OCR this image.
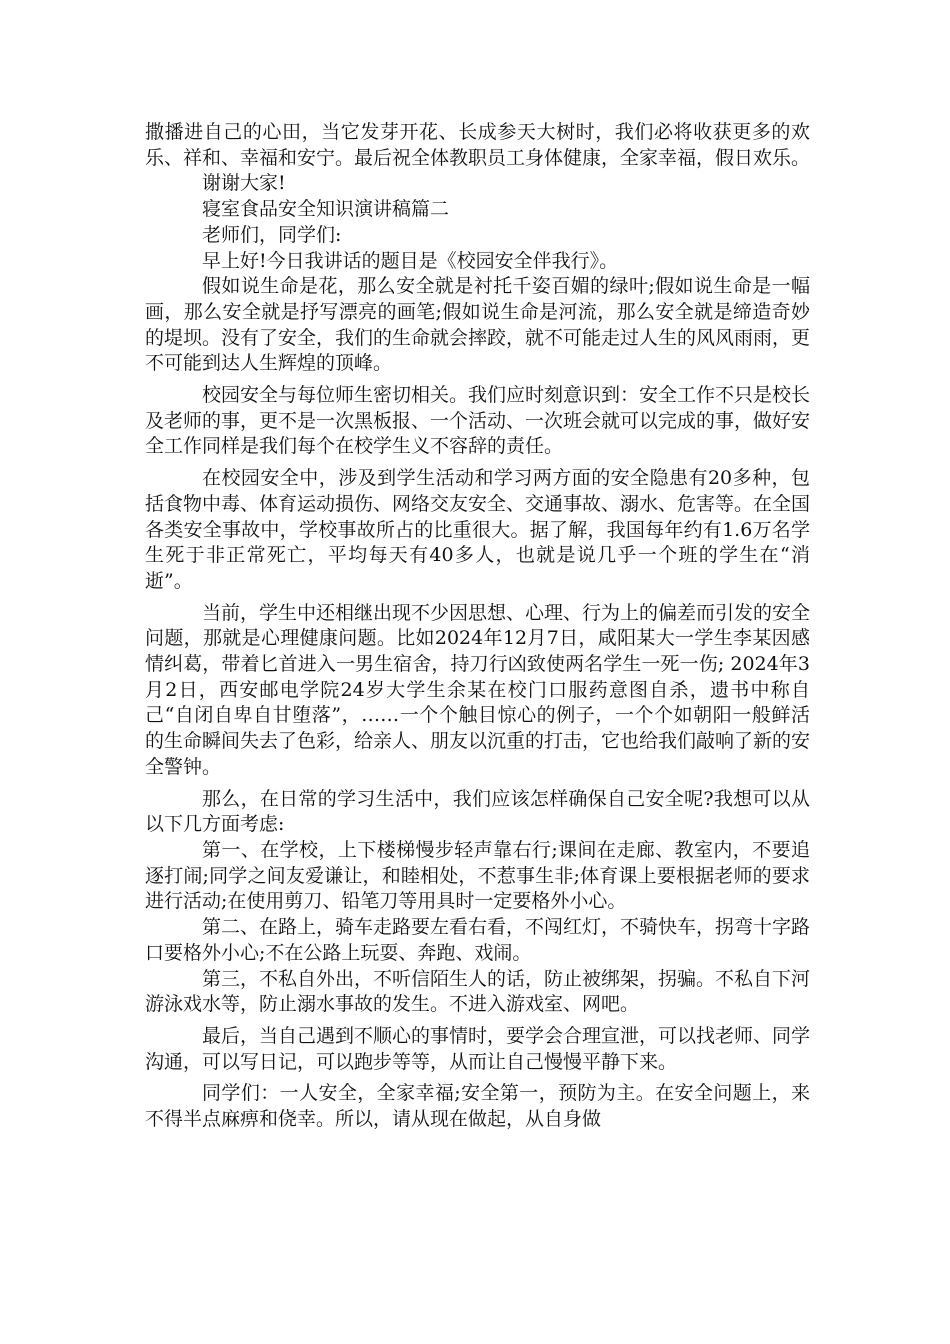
撒播进自己的心田，当它发芽开花、长成参天大树时，我们必将收获更多的欢乐、祥和、幸福和安宁。最后祝全体教职员工身体健康，全家幸福，假日欢乐。

谢谢大家!

寝室食品安全知识演讲稿篇二

老师们，同学们:

早上好!今日我讲话的题目是《校园安全伴我行》。

假如说生命是花，那么安全就是衬托千姿百媚的绿叶;假如说生命是一幅画，那么安全就是抒写漂亮的画笔;假如说生命是河流，那么安全就是缔造奇妙的堤坝。没有了安全，我们的生命就会摔跤，就不可能走过人生的风风雨雨，更不可能到达人生辉煌的顶峰。

校园安全与每位师生密切相关。我们应时刻意识到：安全工作不只是校长及老师的事，更不是一次黑板报、一个活动、一次班会就可以完成的事，做好安全工作同样是我们每个在校学生义不容辞的责任。

在校园安全中，涉及到学生活动和学习两方面的安全隐患有20多种，包括食物中毒、体育运动损伤、网络交友安全、交通事故、溺水、危害等。在全国各类安全事故中，学校事故所占的比重很大。据了解，我国每年约有1.6万名学生死于非正常死亡，平均每天有40多人，也就是说几乎一个班的学生在“消逝”。

当前，学生中还相继出现不少因思想、心理、行为上的偏差而引发的安全问题，那就是心理健康问题。比如2024年12月7日，咸阳某大一学生李某因感情纠葛，带着匕首进入一男生宿舍，持刀行凶致使两名学生一死一伤; 2024年3月2日，西安邮电学院24岁大学生余某在校门口服药意图自杀，遗书中称自己“自闭自卑自甘堕落”，……一个个触目惊心的例子，一个个如朝阳一般鲜活的生命瞬间失去了色彩，给亲人、朋友以沉重的打击，它也给我们敲响了新的安全警钟。

那么，在日常的学习生活中，我们应该怎样确保自己安全呢?我想可以从以下几方面考虑:

第一、在学校，上下楼梯慢步轻声靠右行;课间在走廊、教室内，不要追逐打闹;同学之间友爱谦让，和睦相处，不惹事生非;体育课上要根据老师的要求进行活动;在使用剪刀、铅笔刀等用具时一定要格外小心。

第二、在路上，骑车走路要左看右看，不闯红灯，不骑快车，拐弯十字路口要格外小心;不在公路上玩耍、奔跑、戏闹。

第三，不私自外出，不听信陌生人的话，防止被绑架，拐骗。不私自下河游泳戏水等，防止溺水事故的发生。不进入游戏室、网吧。

最后，当自己遇到不顺心的事情时，要学会合理宣泄，可以找老师、同学沟通，可以写日记，可以跑步等等，从而让自己慢慢平静下来。

同学们：一人安全，全家幸福;安全第一，预防为主。在安全问题上，来不得半点麻痹和侥幸。所以，请从现在做起，从自身做
